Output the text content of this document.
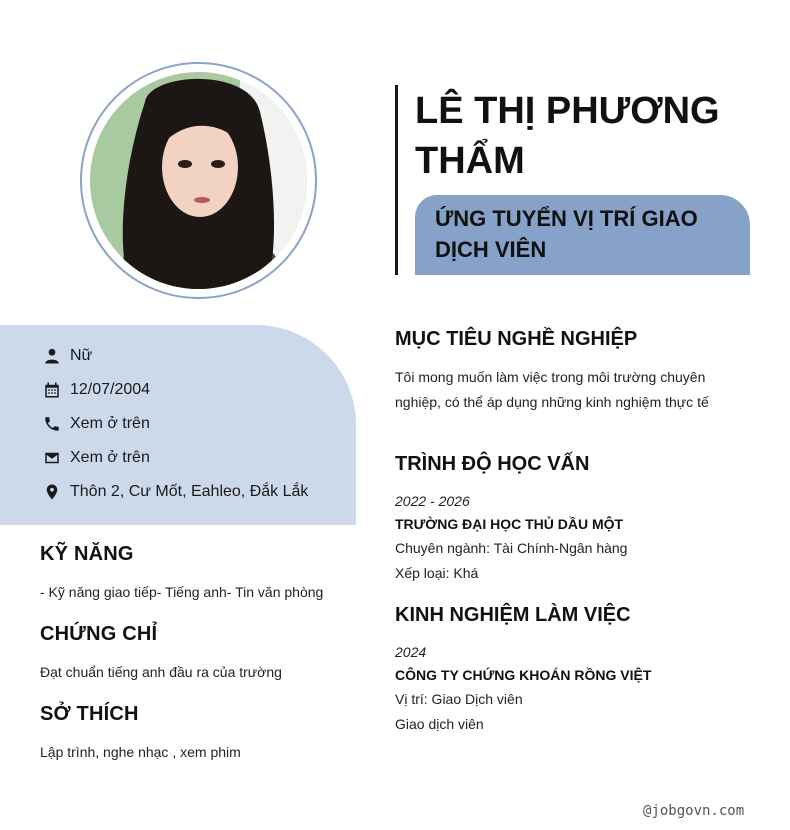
Nữ
12/07/2004
Xem ở trên
Xem ở trên
Thôn 2, Cư Mốt, Eahleo, Đắk Lắk
KỸ NĂNG
- Kỹ năng giao tiếp- Tiếng anh- Tin văn phòng
CHỨNG CHỈ
Đạt chuẩn tiếng anh đầu ra của trường
SỞ THÍCH
Lập trình, nghe nhạc , xem phim
LÊ THỊ PHƯƠNG THẨM
ỨNG TUYỂN VỊ TRÍ GIAO DỊCH VIÊN
MỤC TIÊU NGHỀ NGHIỆP
Tôi mong muốn làm việc trong môi trường chuyên
nghiệp, có thể áp dụng những kinh nghiệm thực tế
TRÌNH ĐỘ HỌC VẤN
2022 - 2026
TRƯỜNG ĐẠI HỌC THỦ DẦU MỘT
Chuyên ngành: Tài Chính-Ngân hàng
Xếp loại: Khá
KINH NGHIỆM LÀM VIỆC
2024
CÔNG TY CHỨNG KHOÁN RỒNG VIỆT
Vị trí: Giao Dịch viên
Giao dịch viên
@jobgovn.com
